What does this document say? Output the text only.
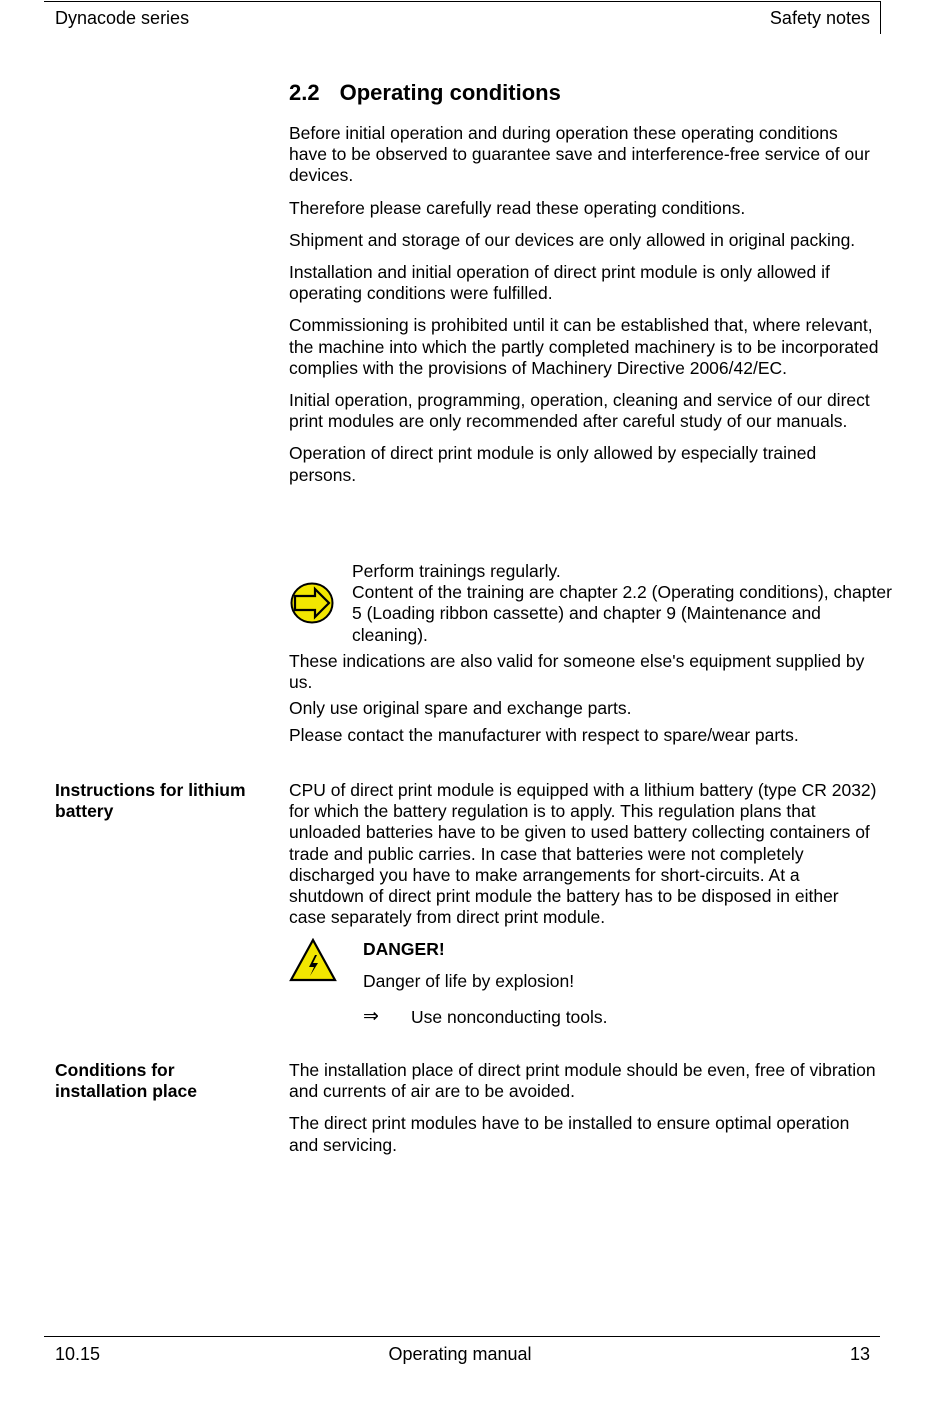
Dynacode series	Safety notes
2.2 Operating conditions

Before initial operation and during operation these operating conditions have to be observed to guarantee save and interference-free service of our devices.

Therefore please carefully read these operating conditions.

Shipment and storage of our devices are only allowed in original packing.

Installation and initial operation of direct print module is only allowed if operating conditions were fulfilled.

Commissioning is prohibited until it can be established that, where relevant, the machine into which the partly completed machinery is to be incorporated complies with the provisions of Machinery Directive 2006/42/EC.

Initial operation, programming, operation, cleaning and service of our direct print modules are only recommended after careful study of our manuals.

Operation of direct print module is only allowed by especially trained persons.

Perform trainings regularly.
Content of the training are chapter 2.2 (Operating conditions), chapter 5 (Loading ribbon cassette) and chapter 9 (Maintenance and cleaning).

These indications are also valid for someone else's equipment supplied by us.

Only use original spare and exchange parts.

Please contact the manufacturer with respect to spare/wear parts.

Instructions for lithium battery

CPU of direct print module is equipped with a lithium battery (type CR 2032) for which the battery regulation is to apply. This regulation plans that unloaded batteries have to be given to used battery collecting containers of trade and public carries. In case that batteries were not completely discharged you have to make arrangements for short-circuits. At a shutdown of direct print module the battery has to be disposed in either case separately from direct print module.

DANGER!
Danger of life by explosion!
⇒ Use nonconducting tools.
Conditions for installation place

The installation place of direct print module should be even, free of vibration and currents of air are to be avoided.

The direct print modules have to be installed to ensure optimal operation and servicing.

10.15	Operating manual	13
